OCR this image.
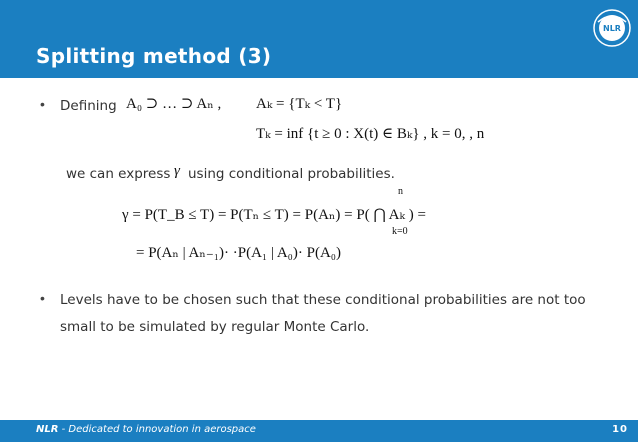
Splitting method (3)
NLR
• Defining A₀ ⊃ … ⊃ Aₙ , Aₖ = {Tₖ < T}
Tₖ = inf {t ≥ 0 : X(t) ∈ Bₖ} , k = 0, , n
we can express γ using conditional probabilities.
γ = P(T_B ≤ T) = P(Tₙ ≤ T) = P(Aₙ) = P( ⋂ Aₖ ) =
n
k=0
= P(Aₙ | Aₙ₋₁)· ·P(A₁ | A₀)· P(A₀)
• Levels have to be chosen such that these conditional probabilities are not too
small to be simulated by regular Monte Carlo.
NLR - Dedicated to innovation in aerospace	10
